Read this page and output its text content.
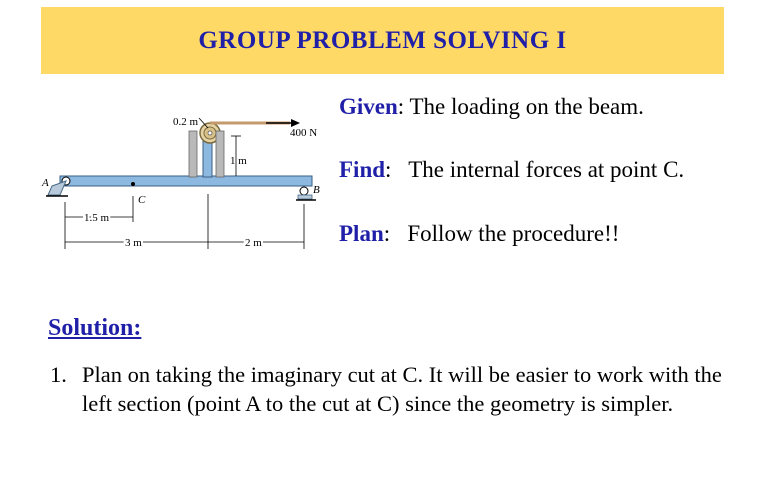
GROUP PROBLEM SOLVING I
400 N
0.2 m
1 m
A
B
C
1.5 m
3 m	2 m
Given: The loading on the beam.
Find:   The internal forces at point C.
Plan:   Follow the procedure!!
Solution:
1. Plan on taking the imaginary cut at C. It will be easier to work with the left section (point A to the cut at C) since the geometry is simpler.
